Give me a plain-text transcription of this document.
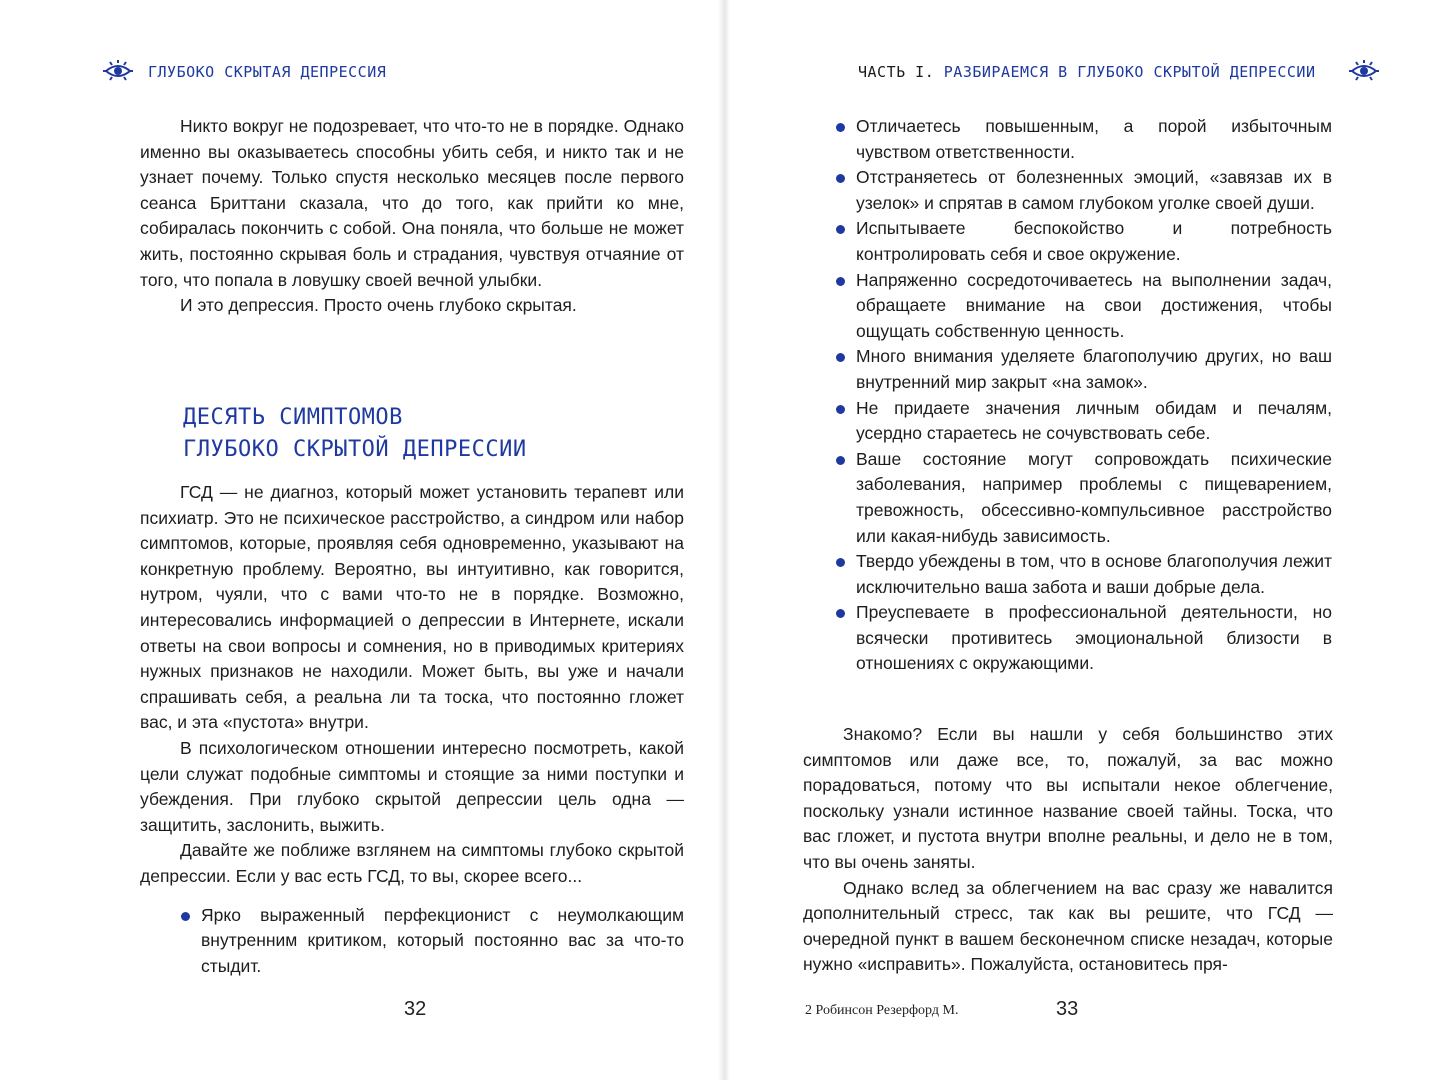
ГЛУБОКО СКРЫТАЯ ДЕПРЕССИЯ

Никто вокруг не подозревает, что что-то не в порядке. Однако именно вы оказываетесь способны убить себя, и никто так и не узнает почему. Только спустя несколько месяцев после первого сеанса Бриттани сказала, что до того, как прийти ко мне, собиралась покончить с собой. Она поняла, что больше не может жить, постоянно скрывая боль и страдания, чувствуя отчаяние от того, что попала в ловушку своей вечной улыбки.

И это депрессия. Просто очень глубоко скрытая.

ДЕСЯТЬ СИМПТОМОВ
ГЛУБОКО СКРЫТОЙ ДЕПРЕССИИ

ГСД — не диагноз, который может установить терапевт или психиатр. Это не психическое расстройство, а синдром или набор симптомов, которые, проявляя себя одновременно, указывают на конкретную проблему. Вероятно, вы интуитивно, как говорится, нутром, чуяли, что с вами что-то не в порядке. Возможно, интересовались информацией о депрессии в Интернете, искали ответы на свои вопросы и сомнения, но в приводимых критериях нужных признаков не находили. Может быть, вы уже и начали спрашивать себя, а реальна ли та тоска, что постоянно гложет вас, и эта «пустота» внутри.

В психологическом отношении интересно посмотреть, какой цели служат подобные симптомы и стоящие за ними поступки и убеждения. При глубоко скрытой депрессии цель одна — защитить, заслонить, выжить.

Давайте же поближе взглянем на симптомы глубоко скрытой депрессии. Если у вас есть ГСД, то вы, скорее всего...

Ярко выраженный перфекционист с неумолкающим внутренним критиком, который постоянно вас за что-то стыдит.
32
ЧАСТЬ I. РАЗБИРАЕМСЯ В ГЛУБОКО СКРЫТОЙ ДЕПРЕССИИ
Отличаетесь повышенным, а порой избыточным чувством ответственности.
Отстраняетесь от болезненных эмоций, «завязав их в узелок» и спрятав в самом глубоком уголке своей души.
Испытываете беспокойство и потребность контролировать себя и свое окружение.
Напряженно сосредоточиваетесь на выполнении задач, обращаете внимание на свои достижения, чтобы ощущать собственную ценность.
Много внимания уделяете благополучию других, но ваш внутренний мир закрыт «на замок».
Не придаете значения личным обидам и печалям, усердно стараетесь не сочувствовать себе.
Ваше состояние могут сопровождать психические заболевания, например проблемы с пищеварением, тревожность, обсессивно-компульсивное расстройство или какая-нибудь зависимость.
Твердо убеждены в том, что в основе благополучия лежит исключительно ваша забота и ваши добрые дела.
Преуспеваете в профессиональной деятельности, но всячески противитесь эмоциональной близости в отношениях с окружающими.

Знакомо? Если вы нашли у себя большинство этих симптомов или даже все, то, пожалуй, за вас можно порадоваться, потому что вы испытали некое облегчение, поскольку узнали истинное название своей тайны. Тоска, что вас гложет, и пустота внутри вполне реальны, и дело не в том, что вы очень заняты.

Однако вслед за облегчением на вас сразу же навалится дополнительный стресс, так как вы решите, что ГСД — очередной пункт в вашем бесконечном списке незадач, которые нужно «исправить». Пожалуйста, остановитесь пря-

2 Робинсон Резерфорд М.	33
